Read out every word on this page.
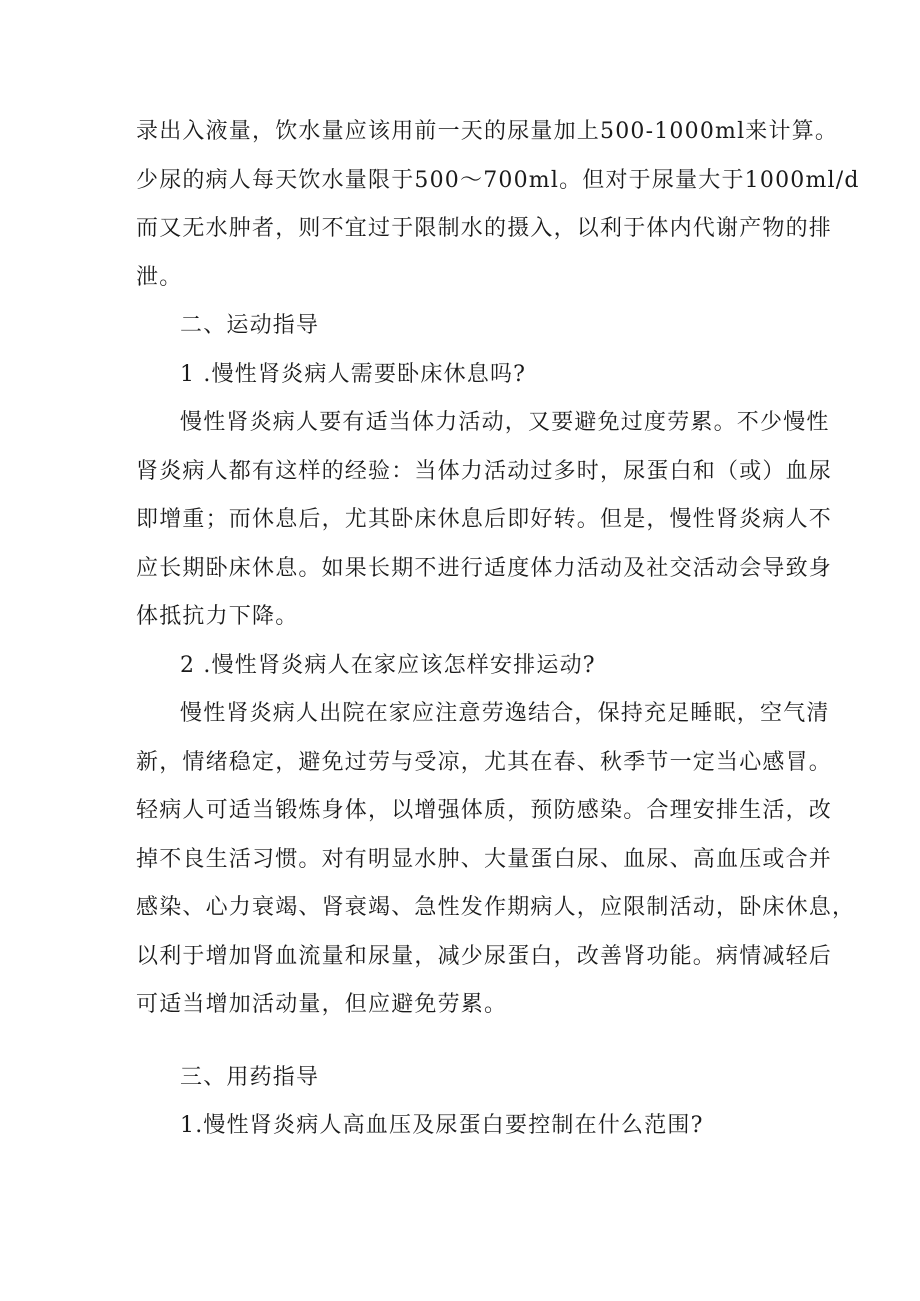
录出入液量，饮水量应该用前一天的尿量加上500-1000ml来计算。
少尿的病人每天饮水量限于500～700ml。但对于尿量大于1000ml/d
而又无水肿者，则不宜过于限制水的摄入，以利于体内代谢产物的排
泄。
二、运动指导
1 .慢性肾炎病人需要卧床休息吗?
慢性肾炎病人要有适当体力活动，又要避免过度劳累。不少慢性
肾炎病人都有这样的经验：当体力活动过多时，尿蛋白和（或）血尿
即增重；而休息后，尤其卧床休息后即好转。但是，慢性肾炎病人不
应长期卧床休息。如果长期不进行适度体力活动及社交活动会导致身
体抵抗力下降。
2 .慢性肾炎病人在家应该怎样安排运动?
慢性肾炎病人出院在家应注意劳逸结合，保持充足睡眠，空气清
新，情绪稳定，避免过劳与受凉，尤其在春、秋季节一定当心感冒。
轻病人可适当锻炼身体，以增强体质，预防感染。合理安排生活，改
掉不良生活习惯。对有明显水肿、大量蛋白尿、血尿、高血压或合并
感染、心力衰竭、肾衰竭、急性发作期病人，应限制活动，卧床休息，
以利于增加肾血流量和尿量，减少尿蛋白，改善肾功能。病情减轻后
可适当增加活动量，但应避免劳累。
三、用药指导
1.慢性肾炎病人高血压及尿蛋白要控制在什么范围?
